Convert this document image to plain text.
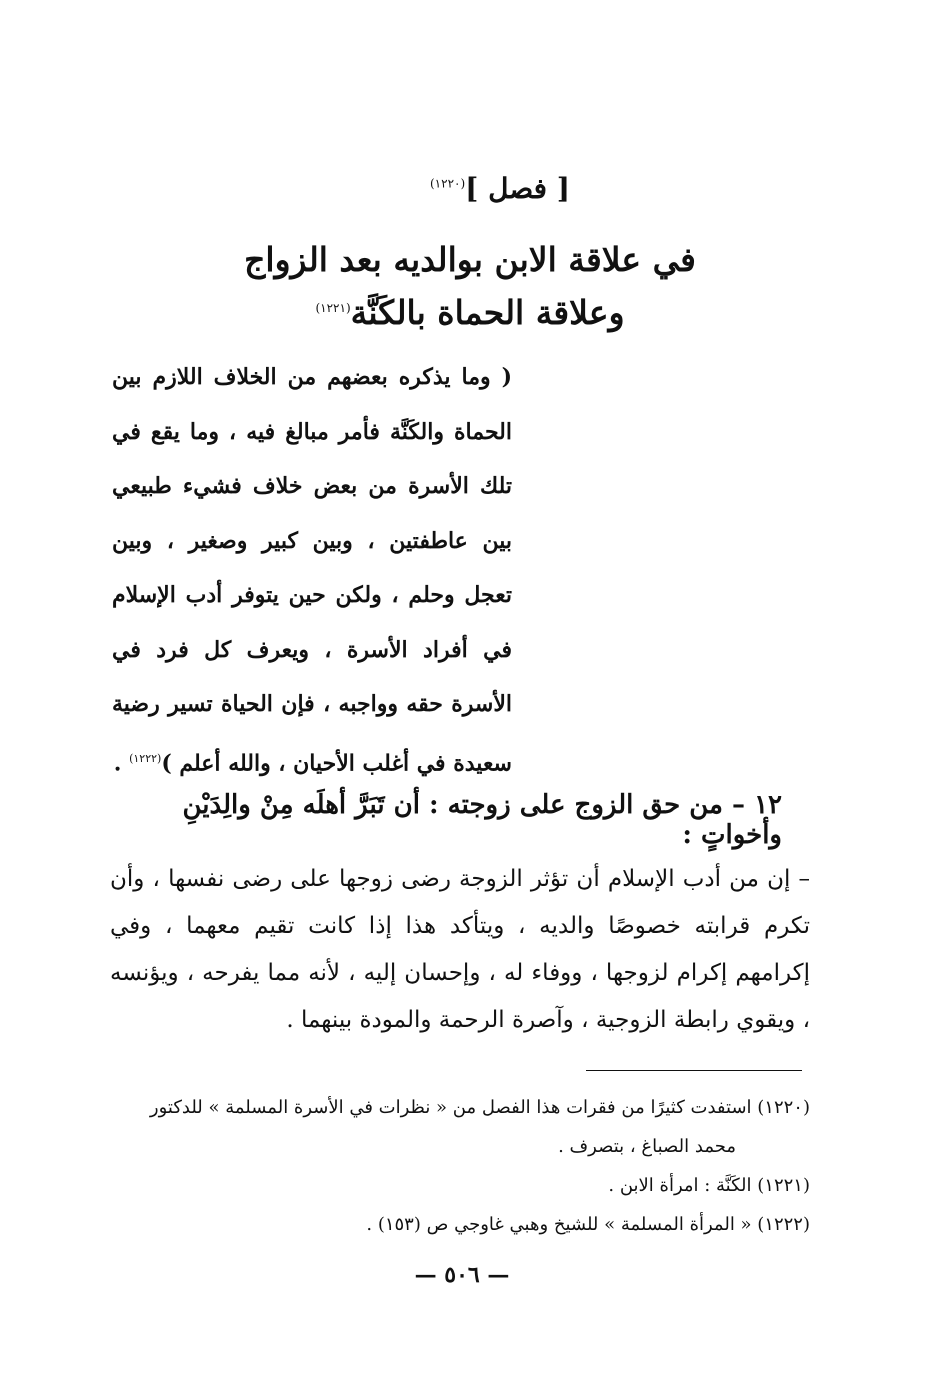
[ فصل ]$^{(١٢٢٠)}$
في علاقة الابن بوالديه بعد الزواج
وعلاقة الحماة بالكَنَّة$^{(١٢٢١)}$
( وما يذكره بعضهم من الخلاف اللازم بين الحماة والكَنَّة فأمر مبالغ فيه ، وما يقع في تلك الأسرة من بعض خلاف فشيء طبيعي بين عاطفتين ، وبين كبير وصغير ، وبين تعجل وحلم ، ولكن حين يتوفر أدب الإسلام في أفراد الأسرة ، ويعرف كل فرد في الأسرة حقه وواجبه ، فإن الحياة تسير رضية سعيدة في أغلب الأحيان ، والله أعلم )$^{(١٢٢٢)}$ .
١٢ – من حق الزوج على زوجته : أن تَبَرَّ أهلَه مِنْ والِدَيْنِ وأخواتٍ :
– إن من أدب الإسلام أن تؤثر الزوجة رضى زوجها على رضى نفسها ، وأن تكرم قرابته خصوصًا والديه ، ويتأكد هذا إذا كانت تقيم معهما ، وفي إكرامهم إكرام لزوجها ، ووفاء له ، وإحسان إليه ، لأنه مما يفرحه ، ويؤنسه ، ويقوي رابطة الزوجية ، وآصرة الرحمة والمودة بينهما .
(١٢٢٠) استفدت كثيرًا من فقرات هذا الفصل من « نظرات في الأسرة المسلمة » للدكتور
محمد الصباغ ، بتصرف .
(١٢٢١) الكَنَّة : امرأة الابن .
(١٢٢٢) « المرأة المسلمة » للشيخ وهبي غاوجي ص (١٥٣) .
— ٥٠٦ —
